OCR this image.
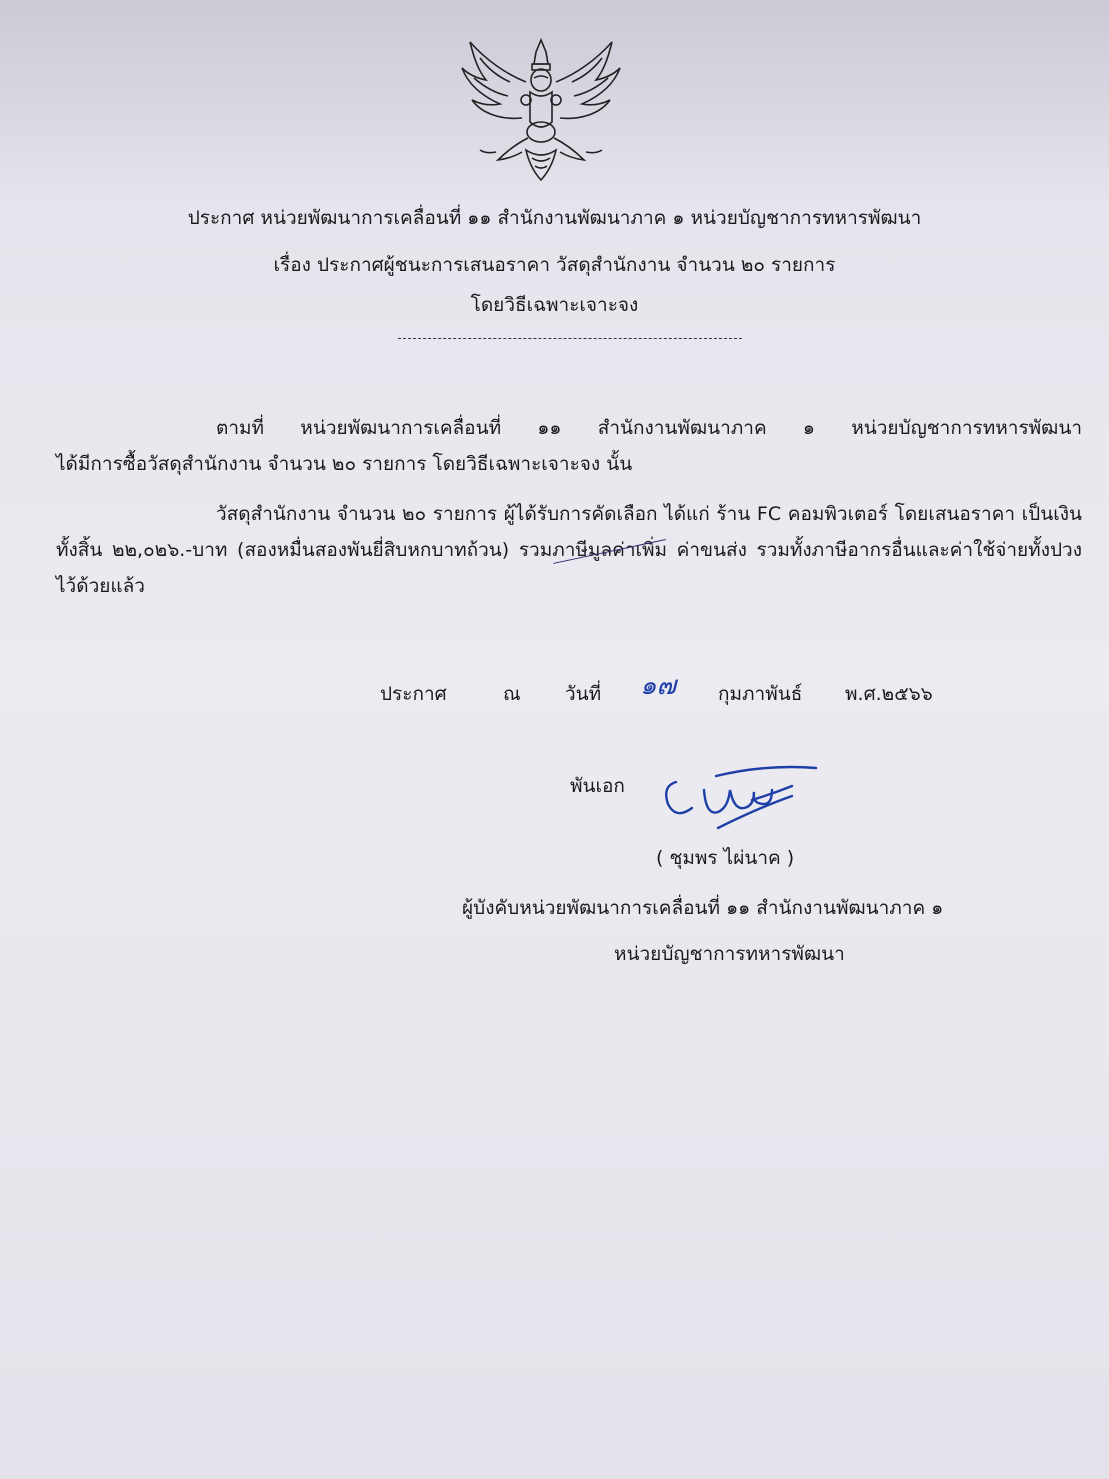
ประกาศ หน่วยพัฒนาการเคลื่อนที่ ๑๑ สำนักงานพัฒนาภาค ๑ หน่วยบัญชาการทหารพัฒนา
เรื่อง ประกาศผู้ชนะการเสนอราคา วัสดุสำนักงาน จำนวน ๒๐ รายการ
โดยวิธีเฉพาะเจาะจง
ตามที่ หน่วยพัฒนาการเคลื่อนที่ ๑๑ สำนักงานพัฒนาภาค ๑ หน่วยบัญชาการทหารพัฒนา
ได้มีการซื้อวัสดุสำนักงาน จำนวน ๒๐ รายการ โดยวิธีเฉพาะเจาะจง นั้น
วัสดุสำนักงาน จำนวน ๒๐ รายการ ผู้ได้รับการคัดเลือก ได้แก่ ร้าน FC คอมพิวเตอร์ โดยเสนอราคา เป็นเงินทั้งสิ้น ๒๒,๐๒๖.-บาท (สองหมื่นสองพันยี่สิบหกบาทถ้วน) รวมภาษีมูลค่าเพิ่ม ค่าขนส่ง รวมทั้งภาษีอากรอื่นและค่าใช้จ่ายทั้งปวงไว้ด้วยแล้ว
ประกาศ	ณ วันที่ ๑๗ กุมภาพันธ์ พ.ศ.๒๕๖๖
พันเอก
( ชุมพร ไผ่นาค )
ผู้บังคับหน่วยพัฒนาการเคลื่อนที่ ๑๑ สำนักงานพัฒนาภาค ๑
หน่วยบัญชาการทหารพัฒนา
